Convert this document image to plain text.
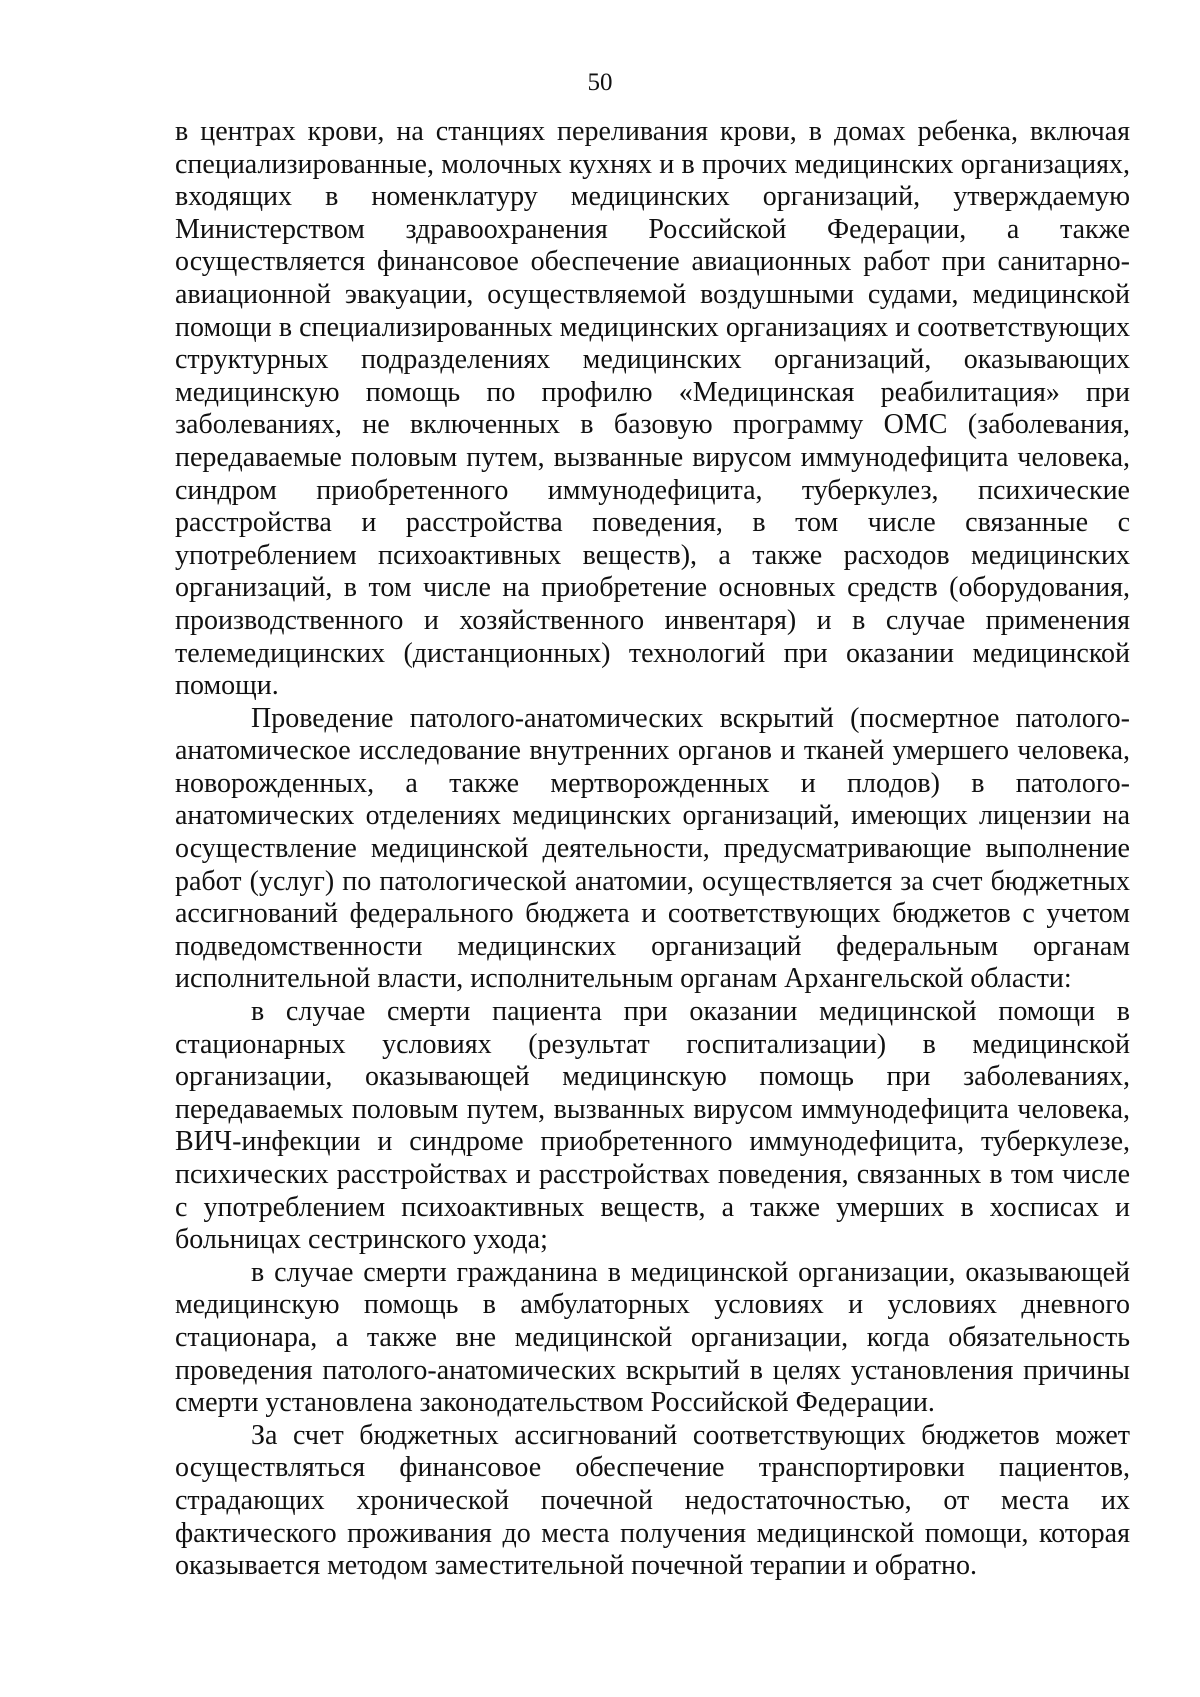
50

в центрах крови, на станциях переливания крови, в домах ребенка, включая специализированные, молочных кухнях и в прочих медицинских организациях, входящих в номенклатуру медицинских организаций, утверждаемую Министерством здравоохранения Российской Федерации, а также осуществляется финансовое обеспечение авиационных работ при санитарно-авиационной эвакуации, осуществляемой воздушными судами, медицинской помощи в специализированных медицинских организациях и соответствующих структурных подразделениях медицинских организаций, оказывающих медицинскую помощь по профилю «Медицинская реабилитация» при заболеваниях, не включенных в базовую программу ОМС (заболевания, передаваемые половым путем, вызванные вирусом иммунодефицита человека, синдром приобретенного иммунодефицита, туберкулез, психические расстройства и расстройства поведения, в том числе связанные с употреблением психоактивных веществ), а также расходов медицинских организаций, в том числе на приобретение основных средств (оборудования, производственного и хозяйственного инвентаря) и в случае применения телемедицинских (дистанционных) технологий при оказании медицинской помощи.

Проведение патолого-анатомических вскрытий (посмертное патолого-анатомическое исследование внутренних органов и тканей умершего человека, новорожденных, а также мертворожденных и плодов) в патолого-анатомических отделениях медицинских организаций, имеющих лицензии на осуществление медицинской деятельности, предусматривающие выполнение работ (услуг) по патологической анатомии, осуществляется за счет бюджетных ассигнований федерального бюджета и соответствующих бюджетов с учетом подведомственности медицинских организаций федеральным органам исполнительной власти, исполнительным органам Архангельской области:

в случае смерти пациента при оказании медицинской помощи в стационарных условиях (результат госпитализации) в медицинской организации, оказывающей медицинскую помощь при заболеваниях, передаваемых половым путем, вызванных вирусом иммунодефицита человека, ВИЧ-инфекции и синдроме приобретенного иммунодефицита, туберкулезе, психических расстройствах и расстройствах поведения, связанных в том числе с употреблением психоактивных веществ, а также умерших в хосписах и больницах сестринского ухода;

в случае смерти гражданина в медицинской организации, оказывающей медицинскую помощь в амбулаторных условиях и условиях дневного стационара, а также вне медицинской организации, когда обязательность проведения патолого-анатомических вскрытий в целях установления причины смерти установлена законодательством Российской Федерации.

За счет бюджетных ассигнований соответствующих бюджетов может осуществляться финансовое обеспечение транспортировки пациентов, страдающих хронической почечной недостаточностью, от места их фактического проживания до места получения медицинской помощи, которая оказывается методом заместительной почечной терапии и обратно.
